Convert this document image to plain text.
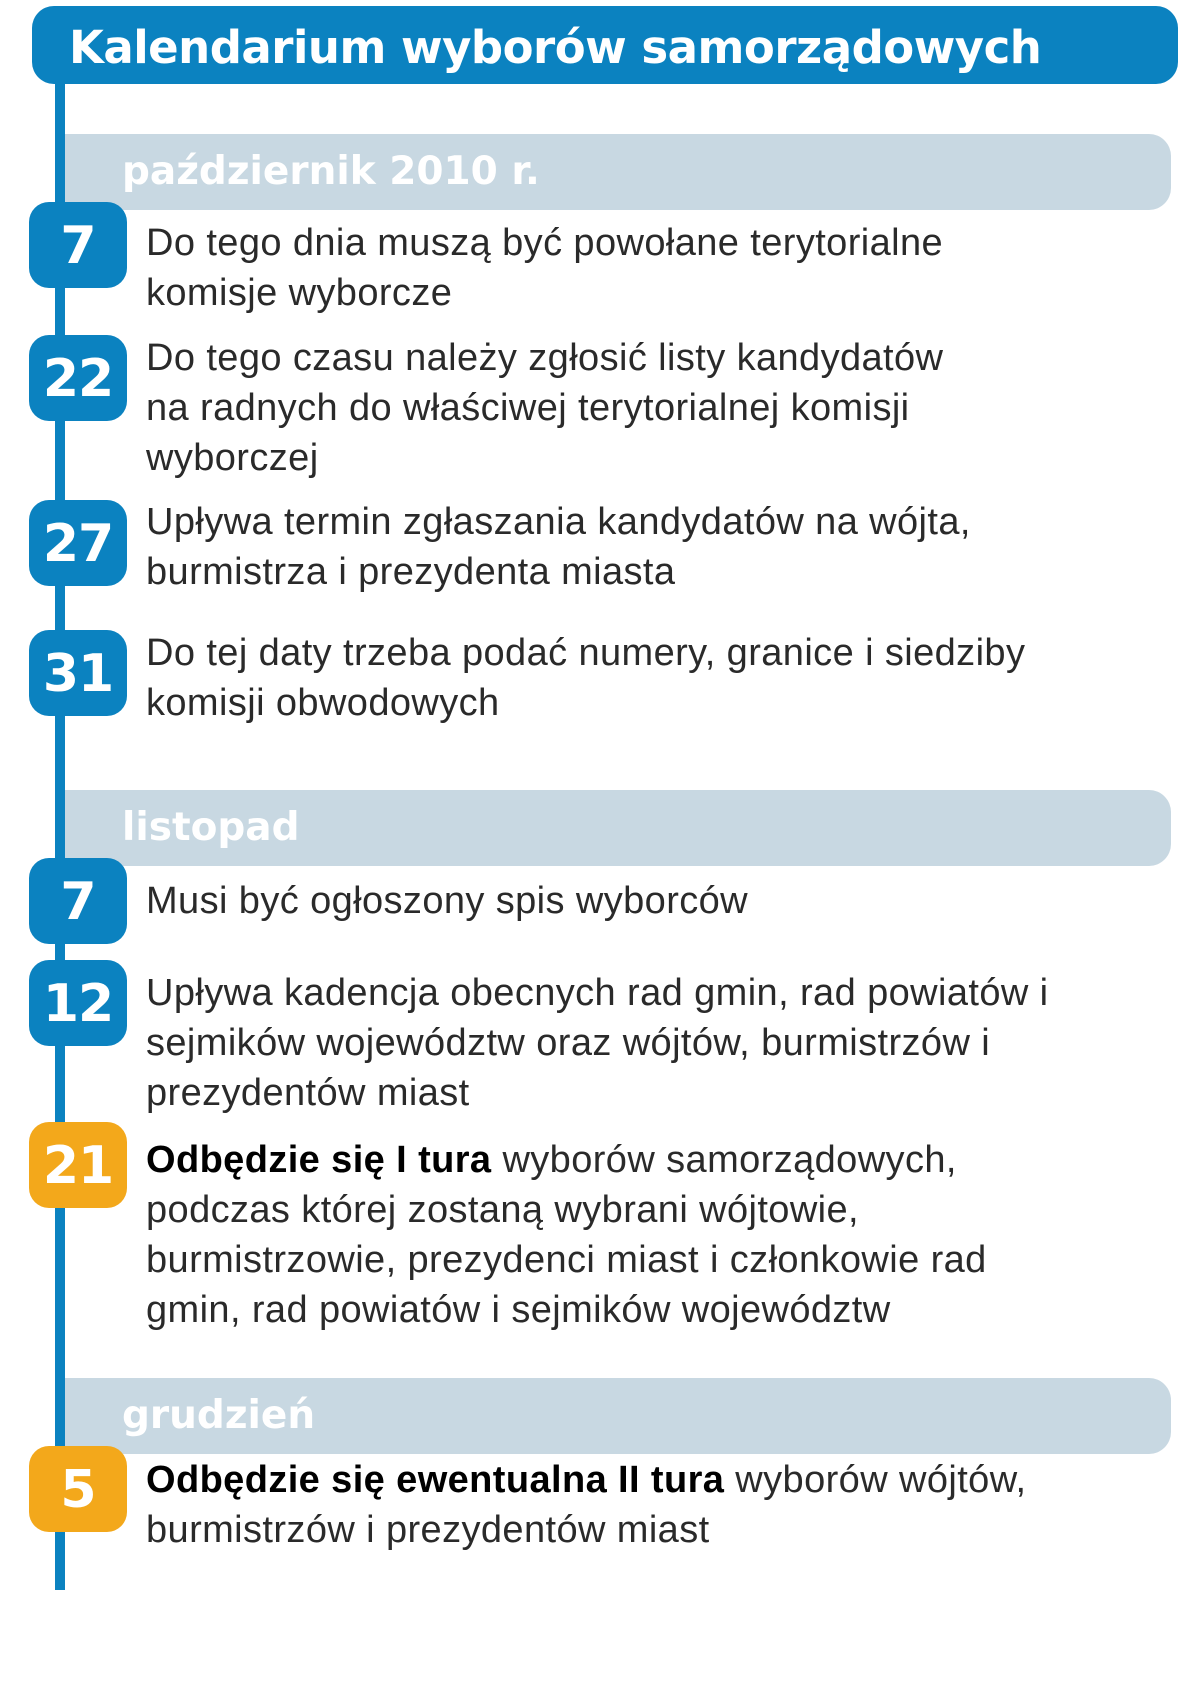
Kalendarium wyborów samorządowych
październik 2010 r.
7	Do tego dnia muszą być powołane terytorialne komisje wyborcze
22 Do tego czasu należy zgłosić listy kandydatów na radnych do właściwej terytorialnej komisji wyborczej
27 Upływa termin zgłaszania kandydatów na wójta, burmistrza i prezydenta miasta
31 Do tej daty trzeba podać numery, granice i siedziby komisji obwodowych
listopad
7	Musi być ogłoszony spis wyborców
12 Upływa kadencja obecnych rad gmin, rad powiatów i sejmików województw oraz wójtów, burmistrzów i prezydentów miast
21 Odbędzie się I tura wyborów samorządowych, podczas której zostaną wybrani wójtowie, burmistrzowie, prezydenci miast i członkowie rad gmin, rad powiatów i sejmików województw
grudzień
5	Odbędzie się ewentualna II tura wyborów wójtów, burmistrzów i prezydentów miast
